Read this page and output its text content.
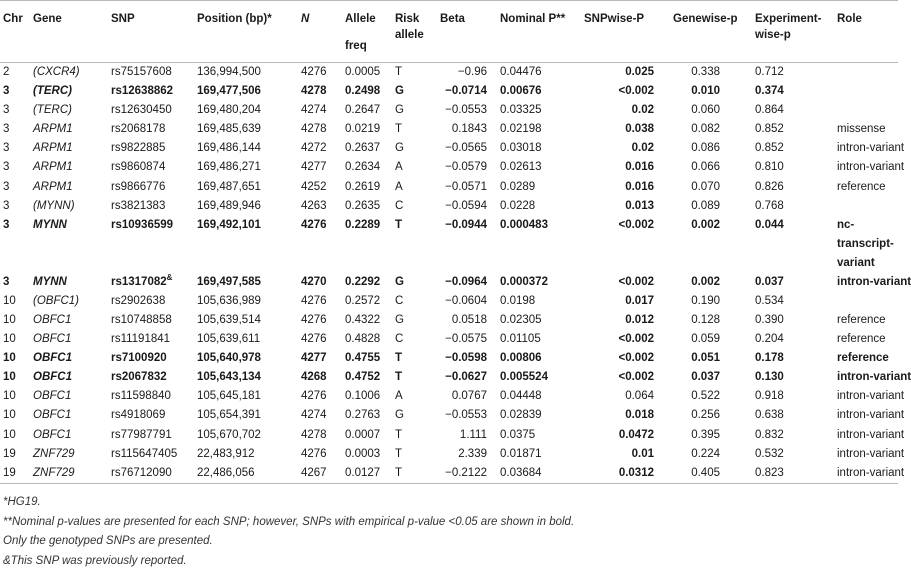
Chr	Gene	SNP	Position (bp)*	N	Allele
freq	Risk allele	Beta	Nominal P**	SNPwise-P	Genewise-p	Experiment-wise-p	Role
2	(CXCR4)	rs75157608	136,994,500	4276	0.0005	T	−0.96	0.04476	0.025	0.338	0.712	
3	(TERC)	rs12638862	169,477,506	4278	0.2498	G	−0.0714	0.00676	<0.002	0.010	0.374	
3	(TERC)	rs12630450	169,480,204	4274	0.2647	G	−0.0553	0.03325	0.02	0.060	0.864	
3	ARPM1	rs2068178	169,485,639	4278	0.0219	T	0.1843	0.02198	0.038	0.082	0.852	missense
3	ARPM1	rs9822885	169,486,144	4272	0.2637	G	−0.0565	0.03018	0.02	0.086	0.852	intron-variant
3	ARPM1	rs9860874	169,486,271	4277	0.2634	A	−0.0579	0.02613	0.016	0.066	0.810	intron-variant
3	ARPM1	rs9866776	169,487,651	4252	0.2619	A	−0.0571	0.0289	0.016	0.070	0.826	reference
3	(MYNN)	rs3821383	169,489,946	4263	0.2635	C	−0.0594	0.0228	0.013	0.089	0.768	
3	MYNN	rs10936599	169,492,101	4276	0.2289	T	−0.0944	0.000483	<0.002	0.002	0.044	nc-transcript-variant
3	MYNN	rs1317082&	169,497,585	4270	0.2292	G	−0.0964	0.000372	<0.002	0.002	0.037	intron-variant
10	(OBFC1)	rs2902638	105,636,989	4276	0.2572	C	−0.0604	0.0198	0.017	0.190	0.534	
10	OBFC1	rs10748858	105,639,514	4276	0.4322	G	0.0518	0.02305	0.012	0.128	0.390	reference
10	OBFC1	rs11191841	105,639,611	4276	0.4828	C	−0.0575	0.01105	<0.002	0.059	0.204	reference
10	OBFC1	rs7100920	105,640,978	4277	0.4755	T	−0.0598	0.00806	<0.002	0.051	0.178	reference
10	OBFC1	rs2067832	105,643,134	4268	0.4752	T	−0.0627	0.005524	<0.002	0.037	0.130	intron-variant
10	OBFC1	rs11598840	105,645,181	4276	0.1006	A	0.0767	0.04448	0.064	0.522	0.918	intron-variant
10	OBFC1	rs4918069	105,654,391	4274	0.2763	G	−0.0553	0.02839	0.018	0.256	0.638	intron-variant
10	OBFC1	rs77987791	105,670,702	4278	0.0007	T	1.111	0.0375	0.0472	0.395	0.832	intron-variant
19	ZNF729	rs115647405	22,483,912	4276	0.0003	T	2.339	0.01871	0.01	0.224	0.532	intron-variant
19	ZNF729	rs76712090	22,486,056	4267	0.0127	T	−0.2122	0.03684	0.0312	0.405	0.823	intron-variant
*HG19.
**Nominal p-values are presented for each SNP; however, SNPs with empirical p-value <0.05 are shown in bold.
Only the genotyped SNPs are presented.
&This SNP was previously reported.
